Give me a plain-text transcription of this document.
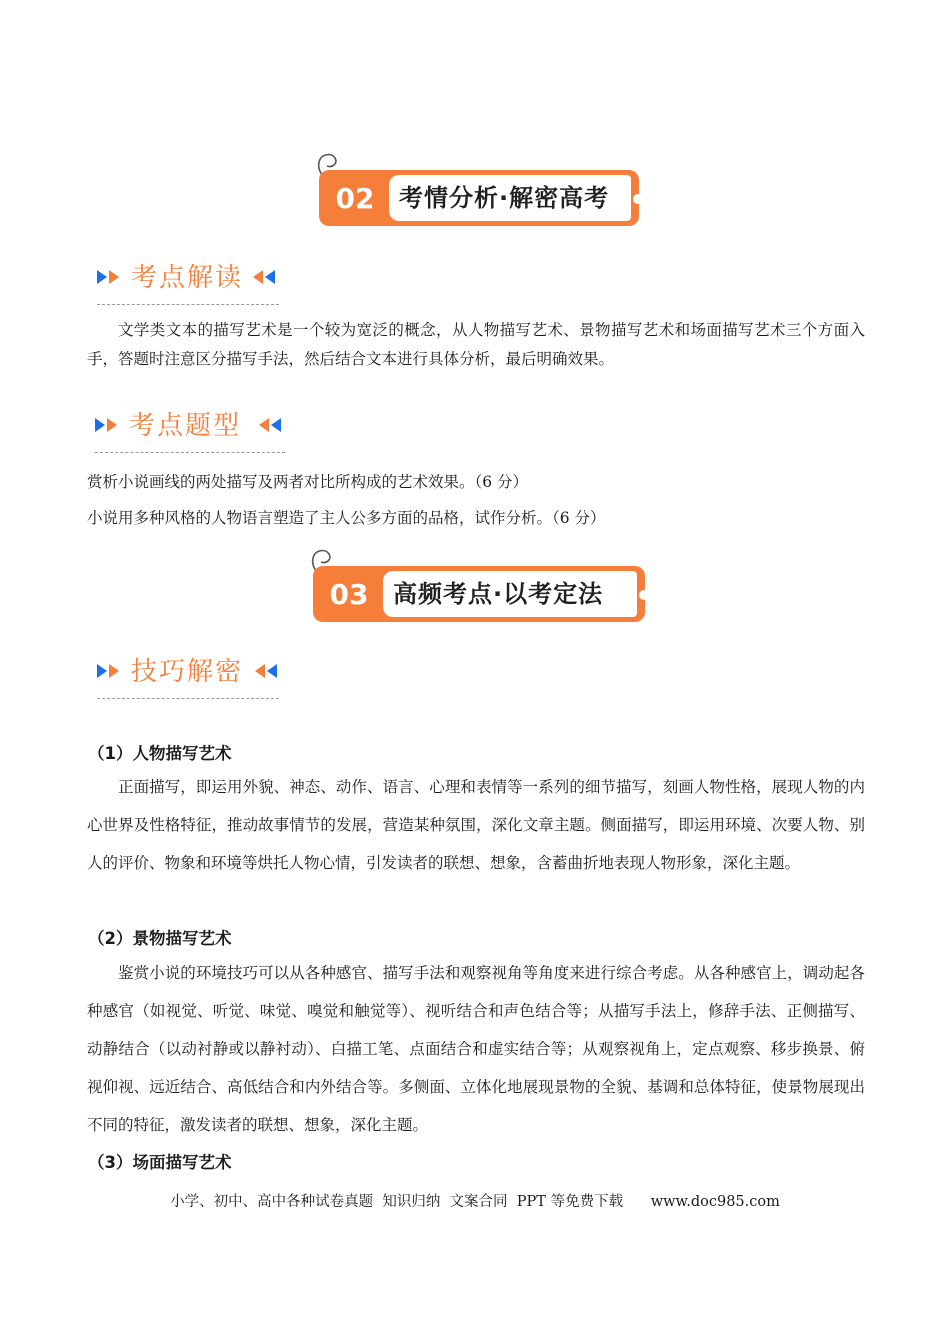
02	考情分析·解密高考
考点解读
文学类文本的描写艺术是一个较为宽泛的概念，从人物描写艺术、景物描写艺术和场面描写艺术三个方面入手，答题时注意区分描写手法，然后结合文本进行具体分析，最后明确效果。
考点题型
赏析小说画线的两处描写及两者对比所构成的艺术效果。（6 分）
小说用多种风格的人物语言塑造了主人公多方面的品格，试作分析。（6 分）
03	高频考点·以考定法
技巧解密
（1）人物描写艺术
正面描写，即运用外貌、神态、动作、语言、心理和表情等一系列的细节描写，刻画人物性格，展现人物的内心世界及性格特征，推动故事情节的发展，营造某种氛围，深化文章主题。侧面描写，即运用环境、次要人物、别人的评价、物象和环境等烘托人物心情，引发读者的联想、想象，含蓄曲折地表现人物形象，深化主题。
（2）景物描写艺术
鉴赏小说的环境技巧可以从各种感官、描写手法和观察视角等角度来进行综合考虑。从各种感官上，调动起各种感官（如视觉、听觉、味觉、嗅觉和触觉等）、视听结合和声色结合等；从描写手法上，修辞手法、正侧描写、动静结合（以动衬静或以静衬动）、白描工笔、点面结合和虚实结合等；从观察视角上，定点观察、移步换景、俯视仰视、远近结合、高低结合和内外结合等。多侧面、立体化地展现景物的全貌、基调和总体特征，使景物展现出不同的特征，激发读者的联想、想象，深化主题。
（3）场面描写艺术
小学、初中、高中各种试卷真题  知识归纳  文案合同  PPT 等免费下载      www.doc985.com
